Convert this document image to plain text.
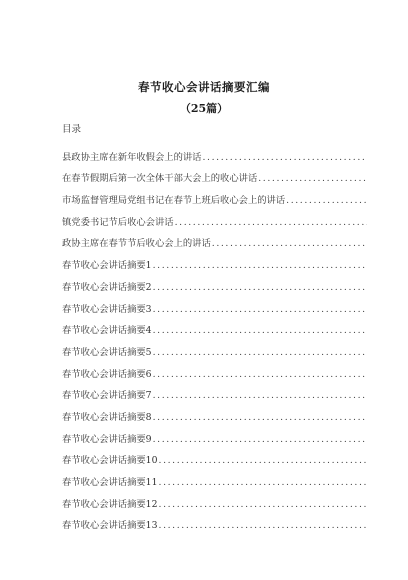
春节收心会讲话摘要汇编
（25篇）
目录
县政协主席在新年收假会上的讲话
.....
在春节假期后第一次全体干部大会上的收心讲话
.....
市场监督管理局党组书记在春节上班后收心会上的讲话
.....
镇党委书记节后收心会讲话
.....
政协主席在春节节后收心会上的讲话
.....
春节收心会讲话摘要1
.....
春节收心会讲话摘要2
.....
春节收心会讲话摘要3
.....
春节收心会讲话摘要4
.....
春节收心会讲话摘要5
.....
春节收心会讲话摘要6
.....
春节收心会讲话摘要7
.....
春节收心会讲话摘要8
.....
春节收心会讲话摘要9
.....
春节收心会讲话摘要10
.....
春节收心会讲话摘要11
.....
春节收心会讲话摘要12
.....
春节收心会讲话摘要13
.....
